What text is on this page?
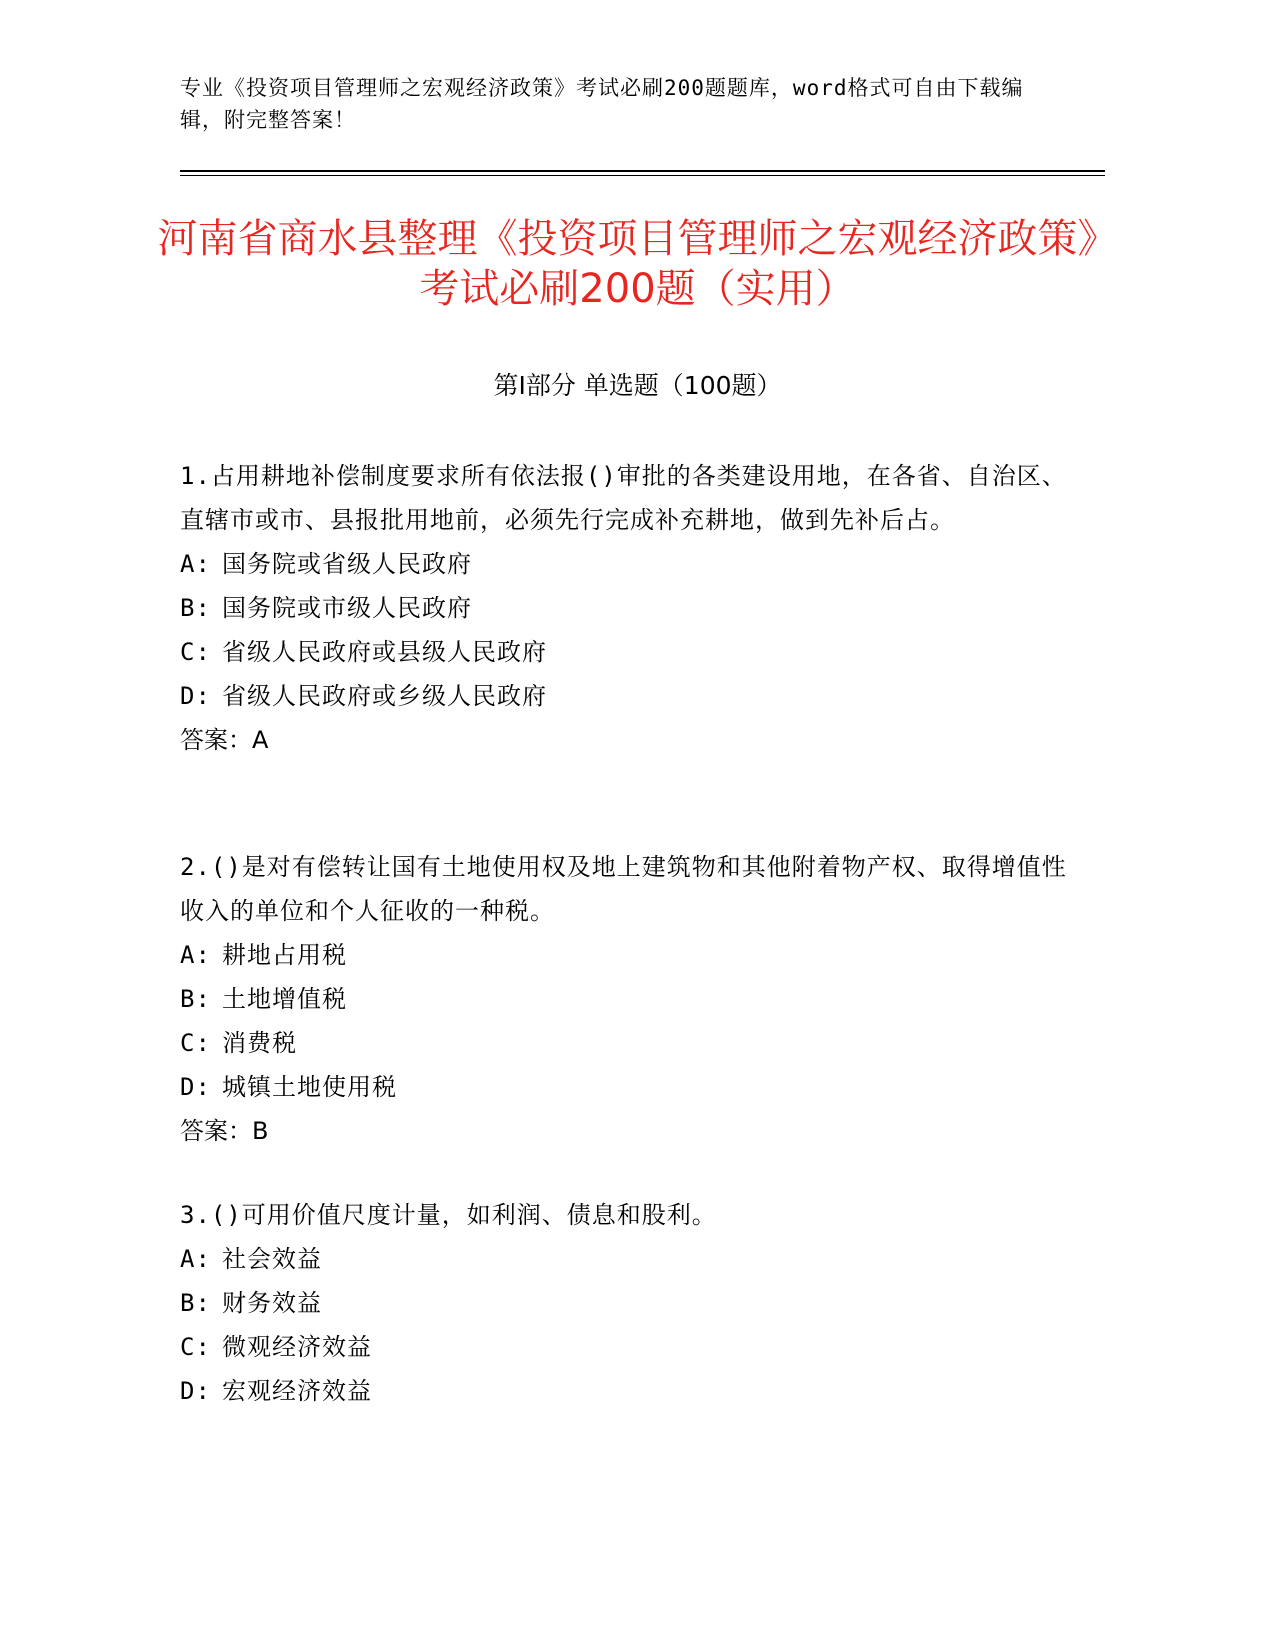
专业《投资项目管理师之宏观经济政策》考试必刷200题题库，word格式可自由下载编辑，附完整答案！
河南省商水县整理《投资项目管理师之宏观经济政策》考试必刷200题（实用）
第Ⅰ部分 单选题（100题）
1.占用耕地补偿制度要求所有依法报()审批的各类建设用地，在各省、自治区、直辖市或市、县报批用地前，必须先行完成补充耕地，做到先补后占。
A: 国务院或省级人民政府
B: 国务院或市级人民政府
C: 省级人民政府或县级人民政府
D: 省级人民政府或乡级人民政府
答案：A
2.()是对有偿转让国有土地使用权及地上建筑物和其他附着物产权、取得增值性收入的单位和个人征收的一种税。
A: 耕地占用税
B: 土地增值税
C: 消费税
D: 城镇土地使用税
答案：B
3.()可用价值尺度计量，如利润、债息和股利。
A: 社会效益
B: 财务效益
C: 微观经济效益
D: 宏观经济效益
